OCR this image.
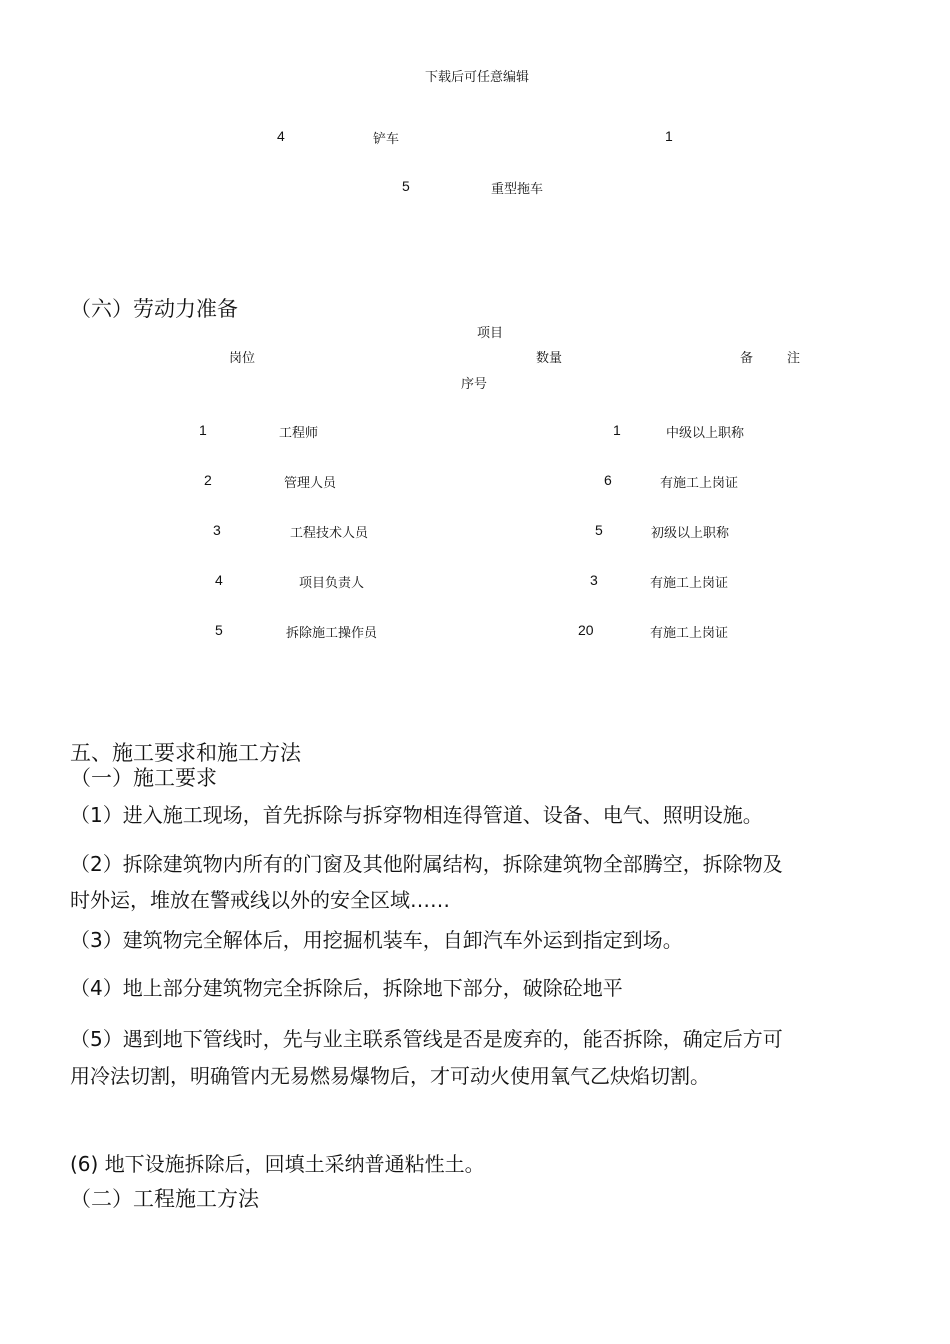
下载后可任意编辑
4	铲车	1
5	重型拖车
（六）劳动力准备
项目
岗位	数量	备	注
序号
1	工程师	1	中级以上职称
2	管理人员	6	有施工上岗证
3	工程技术人员	5	初级以上职称
4	项目负责人	3	有施工上岗证
5	拆除施工操作员	20	有施工上岗证
五、施工要求和施工方法
（一）施工要求
（1）进入施工现场，首先拆除与拆穿物相连得管道、设备、电气、照明设施。
（2）拆除建筑物内所有的门窗及其他附属结构，拆除建筑物全部腾空，拆除物及
时外运，堆放在警戒线以外的安全区域……
（3）建筑物完全解体后，用挖掘机装车，自卸汽车外运到指定到场。
（4）地上部分建筑物完全拆除后，拆除地下部分，破除砼地平
（5）遇到地下管线时，先与业主联系管线是否是废弃的，能否拆除，确定后方可
用冷法切割，明确管内无易燃易爆物后，才可动火使用氧气乙炔焰切割。
(6) 地下设施拆除后，回填土采纳普通粘性土。
（二）工程施工方法
